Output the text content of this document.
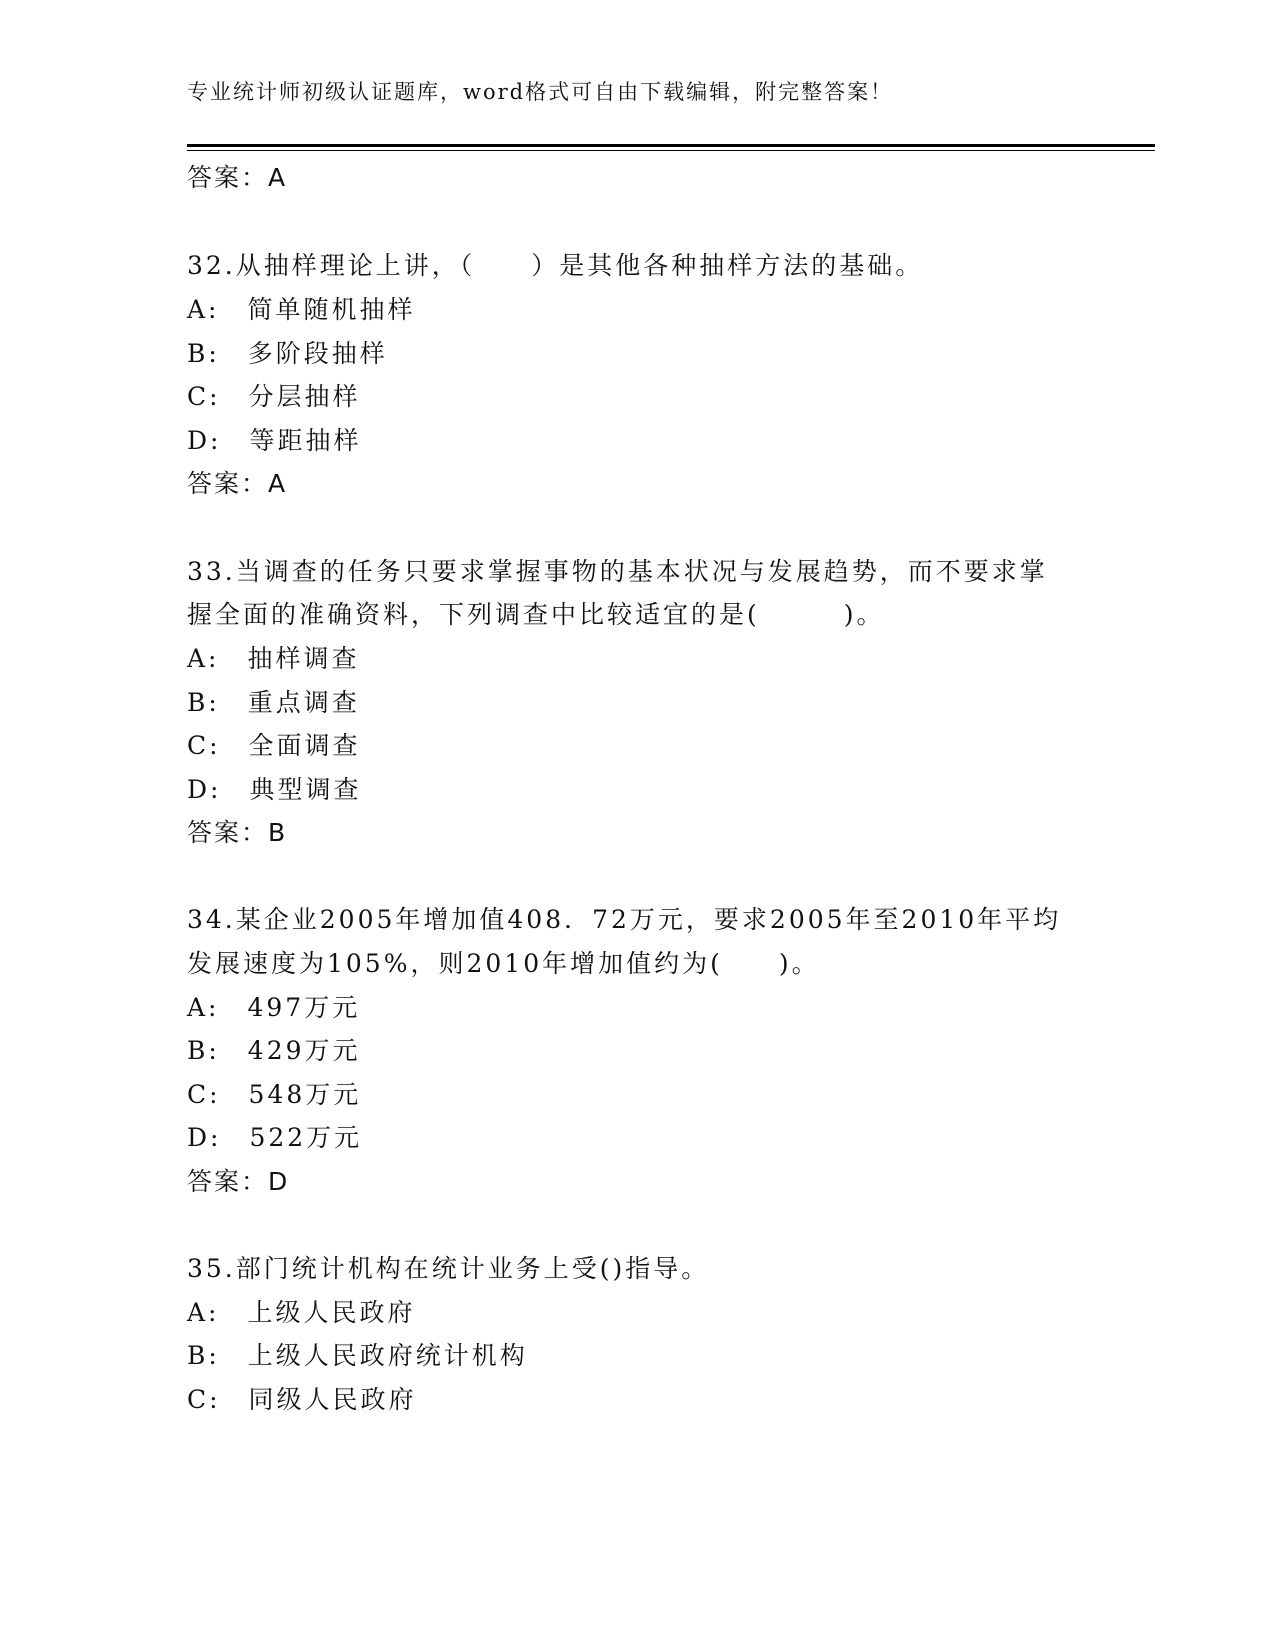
专业统计师初级认证题库，word格式可自由下载编辑，附完整答案！
答案：A
32.从抽样理论上讲，（　　）是其他各种抽样方法的基础。
A:　简单随机抽样
B:　多阶段抽样
C:　分层抽样
D:　等距抽样
答案：A
33.当调查的任务只要求掌握事物的基本状况与发展趋势，而不要求掌
握全面的准确资料，下列调查中比较适宜的是(　　　)。
A:　抽样调查
B:　重点调查
C:　全面调查
D:　典型调查
答案：B
34.某企业2005年增加值408．72万元，要求2005年至2010年平均
发展速度为105%，则2010年增加值约为(　　)。
A:　497万元
B:　429万元
C:　548万元
D:　522万元
答案：D
35.部门统计机构在统计业务上受()指导。
A:　上级人民政府
B:　上级人民政府统计机构
C:　同级人民政府
